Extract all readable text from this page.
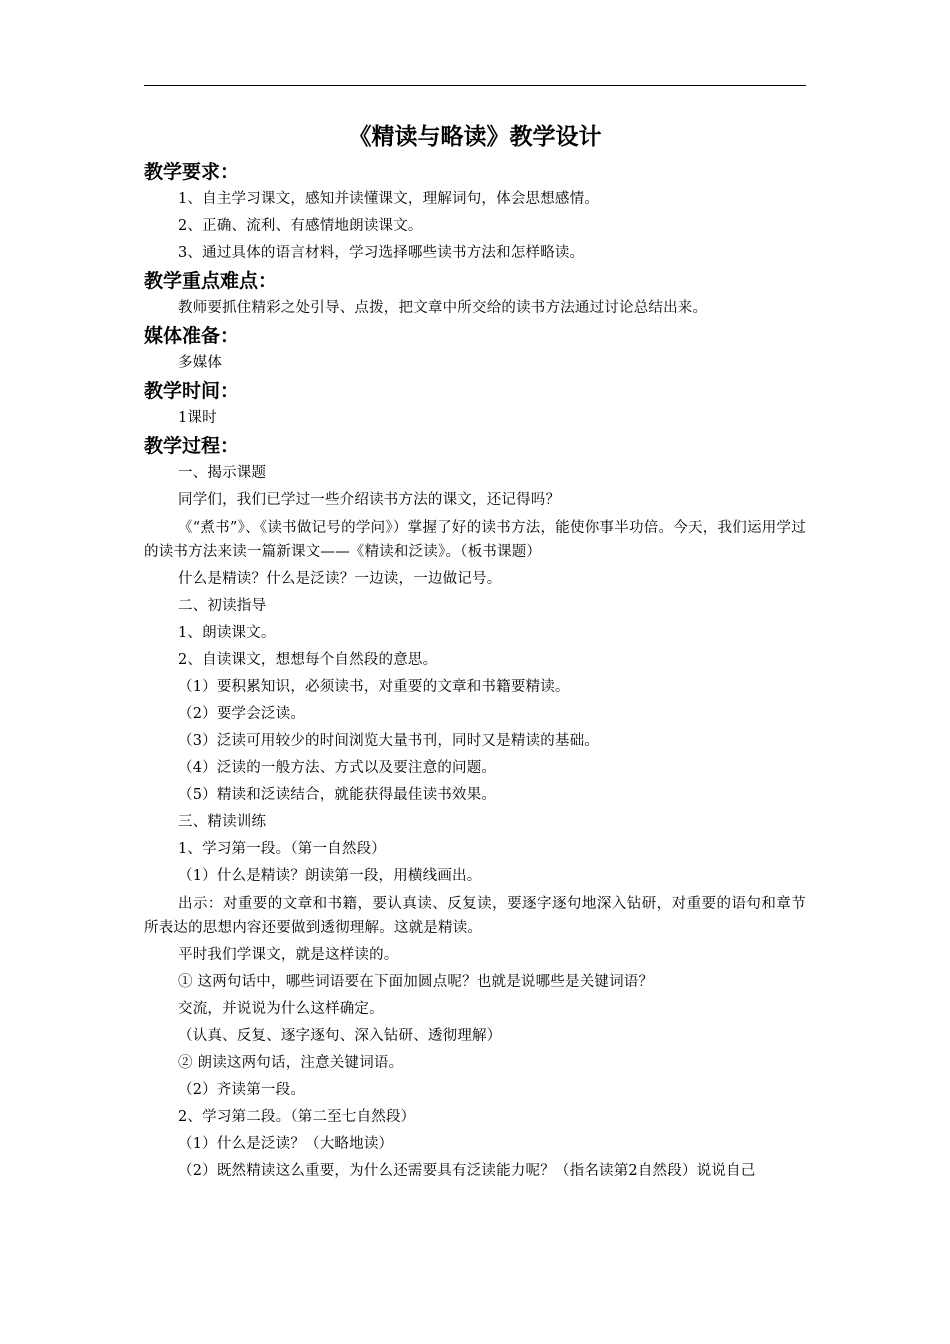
《精读与略读》教学设计
教学要求：
1、自主学习课文，感知并读懂课文，理解词句，体会思想感情。
2、正确、流利、有感情地朗读课文。
3、通过具体的语言材料，学习选择哪些读书方法和怎样略读。
教学重点难点：
教师要抓住精彩之处引导、点拨，把文章中所交给的读书方法通过讨论总结出来。
媒体准备：
多媒体
教学时间：
1课时
教学过程：
一、揭示课题
同学们，我们已学过一些介绍读书方法的课文，还记得吗？
《“煮书”》、《读书做记号的学问》）掌握了好的读书方法，能使你事半功倍。今天，我们运用学过的读书方法来读一篇新课文——《精读和泛读》。（板书课题）
什么是精读？什么是泛读？一边读，一边做记号。
二、初读指导
1、朗读课文。
2、自读课文，想想每个自然段的意思。
（1）要积累知识，必须读书，对重要的文章和书籍要精读。
（2）要学会泛读。
（3）泛读可用较少的时间浏览大量书刊，同时又是精读的基础。
（4）泛读的一般方法、方式以及要注意的问题。
（5）精读和泛读结合，就能获得最佳读书效果。
三、精读训练
1、学习第一段。（第一自然段）
（1）什么是精读？朗读第一段，用横线画出。
出示：对重要的文章和书籍，要认真读、反复读，要逐字逐句地深入钻研，对重要的语句和章节所表达的思想内容还要做到透彻理解。这就是精读。
平时我们学课文，就是这样读的。
① 这两句话中，哪些词语要在下面加圆点呢？也就是说哪些是关键词语？
交流，并说说为什么这样确定。
（认真、反复、逐字逐句、深入钻研、透彻理解）
② 朗读这两句话，注意关键词语。
（2）齐读第一段。
2、学习第二段。（第二至七自然段）
（1）什么是泛读？（大略地读）
（2）既然精读这么重要，为什么还需要具有泛读能力呢？（指名读第2自然段）说说自己
